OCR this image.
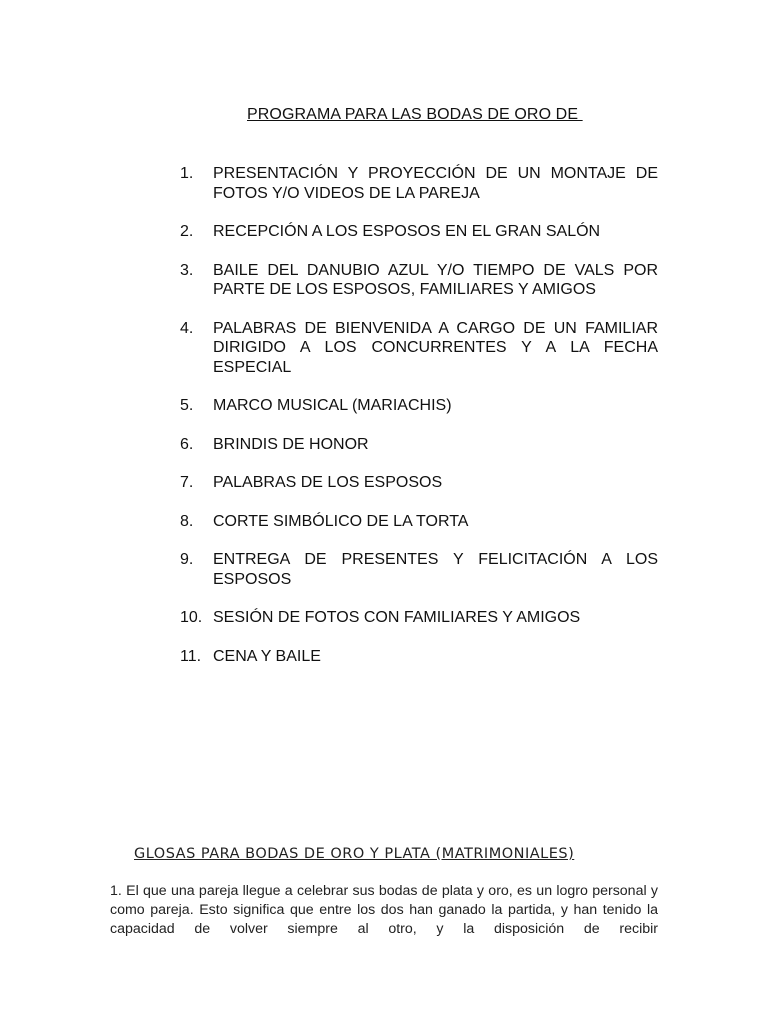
PROGRAMA PARA LAS BODAS DE ORO DE
1.	PRESENTACIÓN Y PROYECCIÓN DE UN MONTAJE DE FOTOS Y/O VIDEOS DE LA PAREJA
2.	RECEPCIÓN A LOS ESPOSOS EN EL GRAN SALÓN
3.	BAILE DEL DANUBIO AZUL Y/O TIEMPO DE VALS POR PARTE DE LOS ESPOSOS, FAMILIARES Y AMIGOS
4.	PALABRAS DE BIENVENIDA A CARGO DE UN FAMILIAR DIRIGIDO A LOS CONCURRENTES Y A LA FECHA ESPECIAL
5.	MARCO MUSICAL (MARIACHIS)
6.	BRINDIS DE HONOR
7.	PALABRAS DE LOS ESPOSOS
8.	CORTE SIMBÓLICO DE LA TORTA
9.	ENTREGA DE PRESENTES Y FELICITACIÓN A LOS ESPOSOS
10. SESIÓN DE FOTOS CON FAMILIARES Y AMIGOS
11. CENA Y BAILE
GLOSAS PARA BODAS DE ORO Y PLATA (MATRIMONIALES)

1. El que una pareja llegue a celebrar sus bodas de plata y oro, es un logro personal y como pareja. Esto significa que entre los dos han ganado la partida, y han tenido la capacidad de volver siempre al otro, y la disposición de recibir
